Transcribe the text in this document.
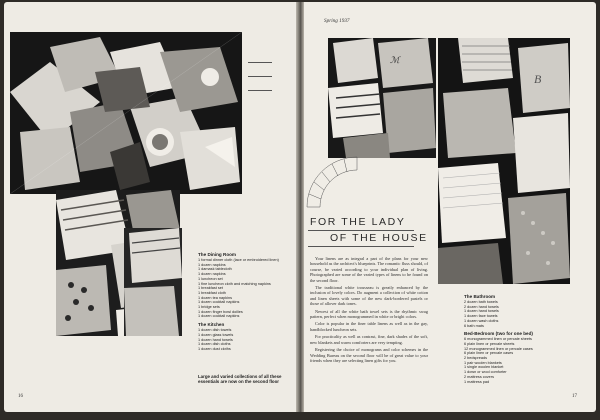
The Dining Room
1 formal dinner cloth (lace or embroidered linen)
1 dozen napkins
1 damask tablecloth
1 dozen napkins
1 luncheon set
1 fine luncheon cloth and matching napkins
1 breakfast set
1 breakfast cloth
1 dozen tea napkins
1 dozen cocktail napkins
1 bridge sets
1 dozen finger bowl doilies
1 dozen cocktail napkins
The Kitchen
1 dozen dish towels
1 dozen glass towels
1 dozen hand towels
1 dozen dish cloths
1 dozen dust cloths
Large and varied collections of all these essentials are now on the second floor
16
Spring 1937
ℳ
B
FOR THE LADY
OF THE HOUSE

Your linens are as integral a part of the plans for your new household as the architect's blueprints. The romantic fluss should, of course, be varied according to your individual plan of living. Photographed are some of the varied types of linens to be found on the second floor.

The traditional white trousseau is greatly enhanced by the inclusion of lovely colors. Do augment a collection of white cotton and linen sheets with some of the new dark-bordered pastels or those of allover dark tones.

Newest of all the white bath towel sets is the rhythmic swag pattern, perfect when monogrammed in white or bright colors.

Color is popular in the finer table linens as well as in the gay, handblocked luncheon sets.

For practicality as well as contrast, fine, dark shades of the soft, new blankets and warm comforters are very tempting.

Registering the choice of monograms and color schemes in the Wedding Bureau on the second floor will be of great value to your friends when they are selecting linen gifts for you.

The Bathroom
2 dozen bath towels
2 dozen hand towels
1 dozen hand towels
1 dozen face towels
1 dozen wash cloths
6 bath mats
Bed-Bedroom (two for one bed)
6 monogrammed linen or percale sheets
6 plain linen or percale sheets
12 monogrammed linen or percale cases
6 plain linen or percale cases
2 bedspreads
1 pair woolen blankets
1 single woolen blanket
1 down or wool comforter
2 mattress covers
1 mattress pad
17
